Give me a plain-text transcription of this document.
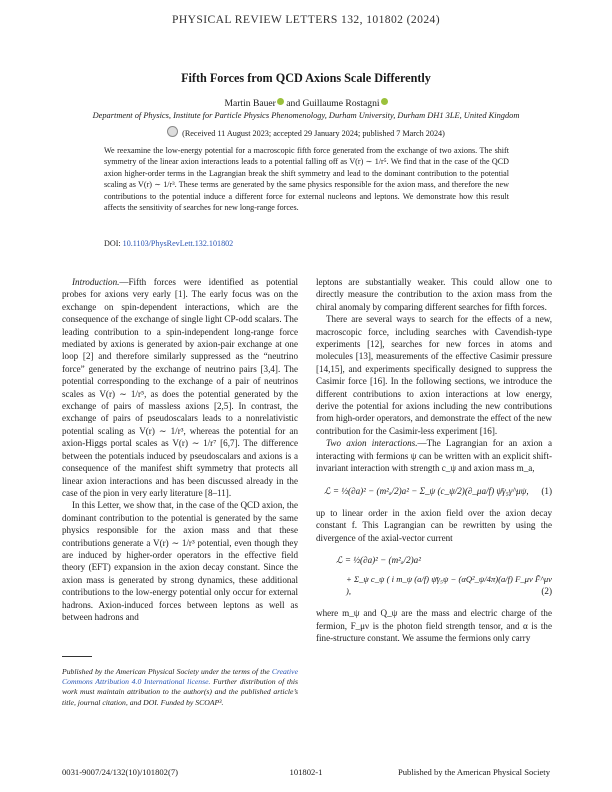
PHYSICAL REVIEW LETTERS 132, 101802 (2024)
Fifth Forces from QCD Axions Scale Differently
Martin Bauer and Guillaume Rostagni
Department of Physics, Institute for Particle Physics Phenomenology, Durham University, Durham DH1 3LE, United Kingdom
(Received 11 August 2023; accepted 29 January 2024; published 7 March 2024)
We reexamine the low-energy potential for a macroscopic fifth force generated from the exchange of two axions. The shift symmetry of the linear axion interactions leads to a potential falling off as V(r) ∼ 1/r⁵. We find that in the case of the QCD axion higher-order terms in the Lagrangian break the shift symmetry and lead to the dominant contribution to the potential scaling as V(r) ∼ 1/r³. These terms are generated by the same physics responsible for the axion mass, and therefore the new contributions to the potential induce a different force for external nucleons and leptons. We demonstrate how this result affects the sensitivity of searches for new long-range forces.
DOI: 10.1103/PhysRevLett.132.101802

Introduction.—Fifth forces were identified as potential probes for axions very early [1]. The early focus was on the exchange on spin-dependent interactions, which are the consequence of the exchange of single light CP-odd scalars. The leading contribution to a spin-independent long-range force mediated by axions is generated by axion-pair exchange at one loop [2] and therefore similarly suppressed as the “neutrino force” generated by the exchange of neutrino pairs [3,4]. The potential corresponding to the exchange of a pair of neutrinos scales as V(r) ∼ 1/r⁵, as does the potential generated by the exchange of pairs of massless axions [2,5]. In contrast, the exchange of pairs of pseudoscalars leads to a nonrelativistic potential scaling as V(r) ∼ 1/r³, whereas the potential for an axion-Higgs portal scales as V(r) ∼ 1/r⁷ [6,7]. The difference between the potentials induced by pseudoscalars and axions is a consequence of the manifest shift symmetry that protects all linear axion interactions and has been discussed already in the case of the pion in very early literature [8–11].

In this Letter, we show that, in the case of the QCD axion, the dominant contribution to the potential is generated by the same physics responsible for the axion mass and that these contributions generate a V(r) ∼ 1/r³ potential, even though they are induced by higher-order operators in the effective field theory (EFT) expansion in the axion decay constant. Since the axion mass is generated by strong dynamics, these additional contributions to the low-energy potential only occur for external hadrons. Axion-induced forces between leptons as well as between hadrons and

leptons are substantially weaker. This could allow one to directly measure the contribution to the axion mass from the chiral anomaly by comparing different searches for fifth forces.

There are several ways to search for the effects of a new, macroscopic force, including searches with Cavendish-type experiments [12], searches for new forces in atoms and molecules [13], measurements of the effective Casimir pressure [14,15], and experiments specifically designed to suppress the Casimir force [16]. In the following sections, we introduce the different contributions to axion interactions at low energy, derive the potential for axions including the new contributions from high-order operators, and demonstrate the effect of the new contribution for the Casimir-less experiment [16].

Two axion interactions.—The Lagrangian for an axion a interacting with fermions ψ can be written with an explicit shift-invariant interaction with strength c_ψ and axion mass m_a,

ℒ = ½(∂a)² − (m²ₐ/2)a² − Σ_ψ (c_ψ/2)(∂_μa/f) ψ̄γ₅γ^μψ, (1)

up to linear order in the axion field over the axion decay constant f. This Lagrangian can be rewritten by using the divergence of the axial-vector current

ℒ = ½(∂a)² − (m²ₐ/2)a²
+ Σ_ψ c_ψ ( i m_ψ (a/f) ψ̄γ₅ψ − (αQ²_ψ/4π)(a/f) F_μν F̃^μν ),	(2)

where m_ψ and Q_ψ are the mass and electric charge of the fermion, F_μν is the photon field strength tensor, and α is the fine-structure constant. We assume the fermions only carry

Published by the American Physical Society under the terms of the Creative Commons Attribution 4.0 International license. Further distribution of this work must maintain attribution to the author(s) and the published article’s title, journal citation, and DOI. Funded by SCOAP³.
0031-9007/24/132(10)/101802(7)	101802-1	Published by the American Physical Society
